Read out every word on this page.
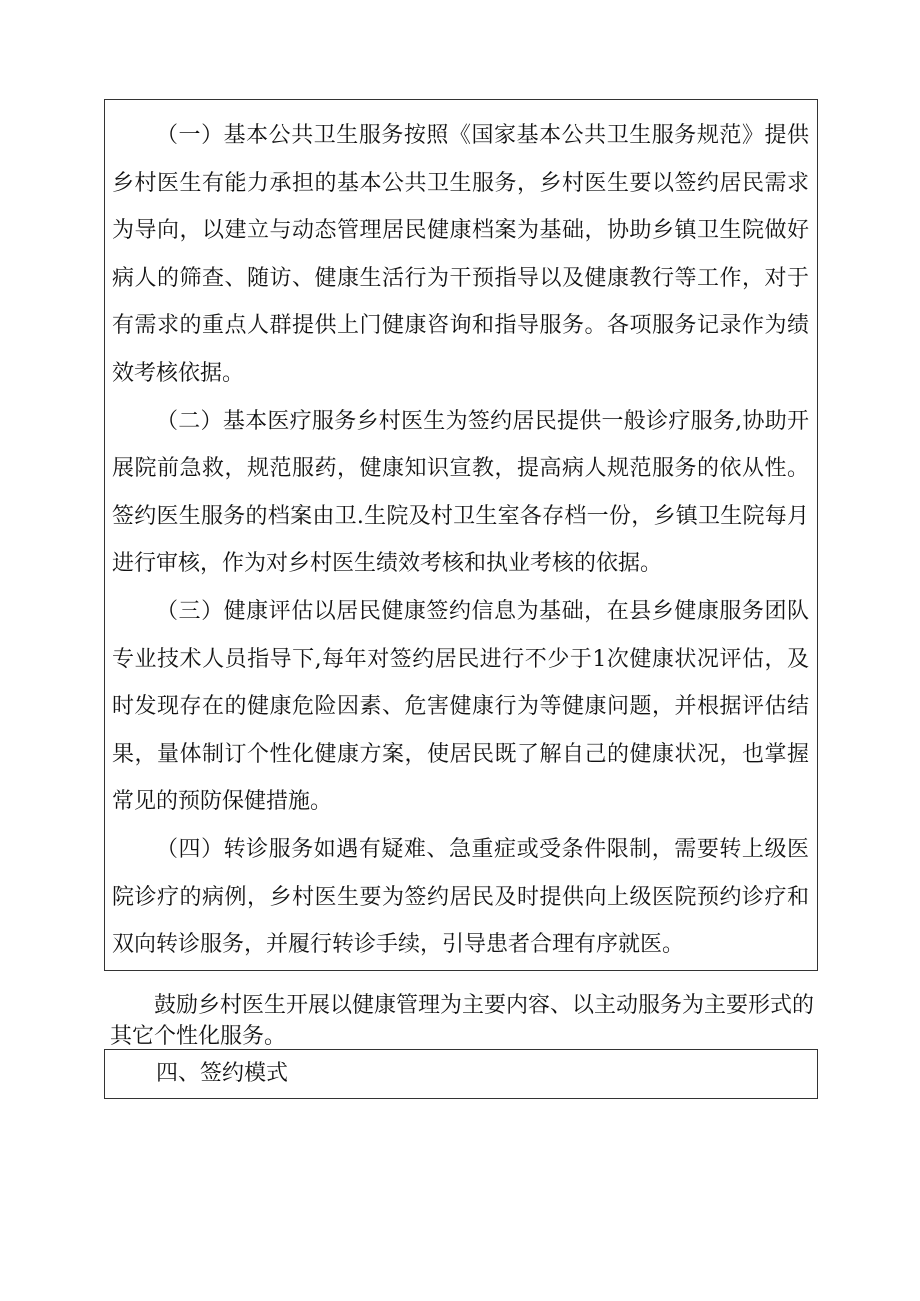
（一）基本公共卫生服务按照《国家基本公共卫生服务规范》提供乡村医生有能力承担的基本公共卫生服务，乡村医生要以签约居民需求为导向，以建立与动态管理居民健康档案为基础，协助乡镇卫生院做好病人的筛查、随访、健康生活行为干预指导以及健康教行等工作，对于有需求的重点人群提供上门健康咨询和指导服务。各项服务记录作为绩效考核依据。

（二）基本医疗服务乡村医生为签约居民提供一般诊疗服务,协助开展院前急救，规范服药，健康知识宣教，提高病人规范服务的依从性。签约医生服务的档案由卫.生院及村卫生室各存档一份，乡镇卫生院每月进行审核，作为对乡村医生绩效考核和执业考核的依据。

（三）健康评估以居民健康签约信息为基础，在县乡健康服务团队专业技术人员指导下,每年对签约居民进行不少于1次健康状况评估，及时发现存在的健康危险因素、危害健康行为等健康问题，并根据评估结果，量体制订个性化健康方案，使居民既了解自己的健康状况，也掌握常见的预防保健措施。

（四）转诊服务如遇有疑难、急重症或受条件限制，需要转上级医院诊疗的病例，乡村医生要为签约居民及时提供向上级医院预约诊疗和双向转诊服务，并履行转诊手续，引导患者合理有序就医。

鼓励乡村医生开展以健康管理为主要内容、以主动服务为主要形式的其它个性化服务。

四、签约模式
